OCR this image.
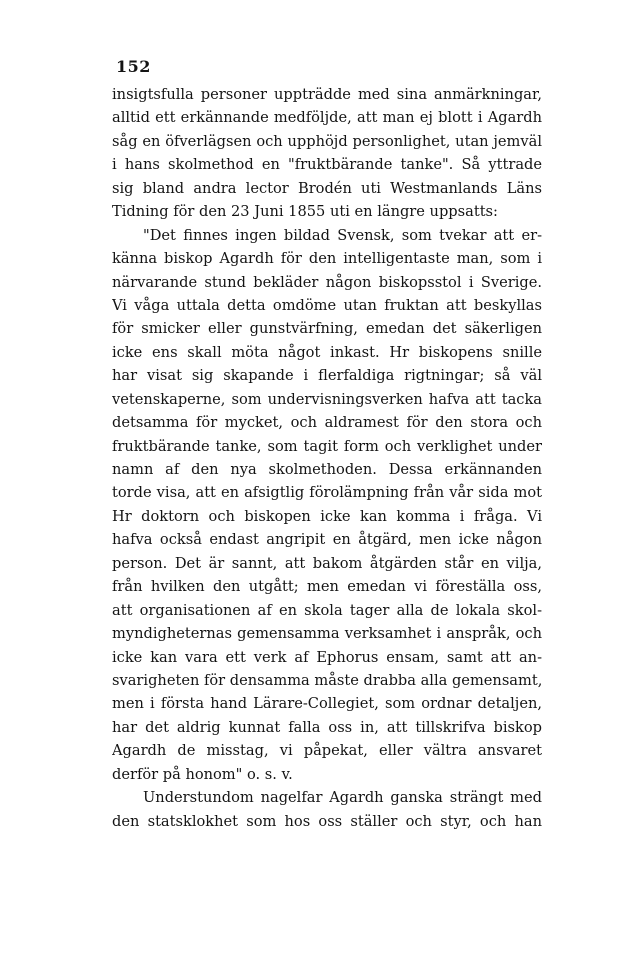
152
insigtsfulla personer uppträdde med sina anmärkningar,
alltid ett erkännande medföljde, att man ej blott i Agardh
såg en öfverlägsen och upphöjd personlighet, utan jemväl
i hans skolmethod en "fruktbärande tanke". Så yttrade
sig bland andra lector Brodén uti Westmanlands Läns
Tidning för den 23 Juni 1855 uti en längre uppsatts:
"Det finnes ingen bildad Svensk, som tvekar att er-
känna biskop Agardh för den intelligentaste man, som i
närvarande stund bekläder någon biskopsstol i Sverige.
Vi våga uttala detta omdöme utan fruktan att beskyllas
för smicker eller gunstvärfning, emedan det säkerligen
icke ens skall möta något inkast. Hr biskopens snille
har visat sig skapande i flerfaldiga rigtningar; så väl
vetenskaperne, som undervisningsverken hafva att tacka
detsamma för mycket, och aldramest för den stora och
fruktbärande tanke, som tagit form och verklighet under
namn af den nya skolmethoden. Dessa erkännanden
torde visa, att en afsigtlig förolämpning från vår sida mot
Hr doktorn och biskopen icke kan komma i fråga. Vi
hafva också endast angripit en åtgärd, men icke någon
person. Det är sannt, att bakom åtgärden står en vilja,
från hvilken den utgått; men emedan vi föreställa oss,
att organisationen af en skola tager alla de lokala skol-
myndigheternas gemensamma verksamhet i anspråk, och
icke kan vara ett verk af Ephorus ensam, samt att an-
svarigheten för densamma måste drabba alla gemensamt,
men i första hand Lärare-Collegiet, som ordnar detaljen,
har det aldrig kunnat falla oss in, att tillskrifva biskop
Agardh de misstag, vi påpekat, eller vältra ansvaret
derför på honom" o. s. v.
Understundom nagelfar Agardh ganska strängt med
den statsklokhet som hos oss ställer och styr, och han
